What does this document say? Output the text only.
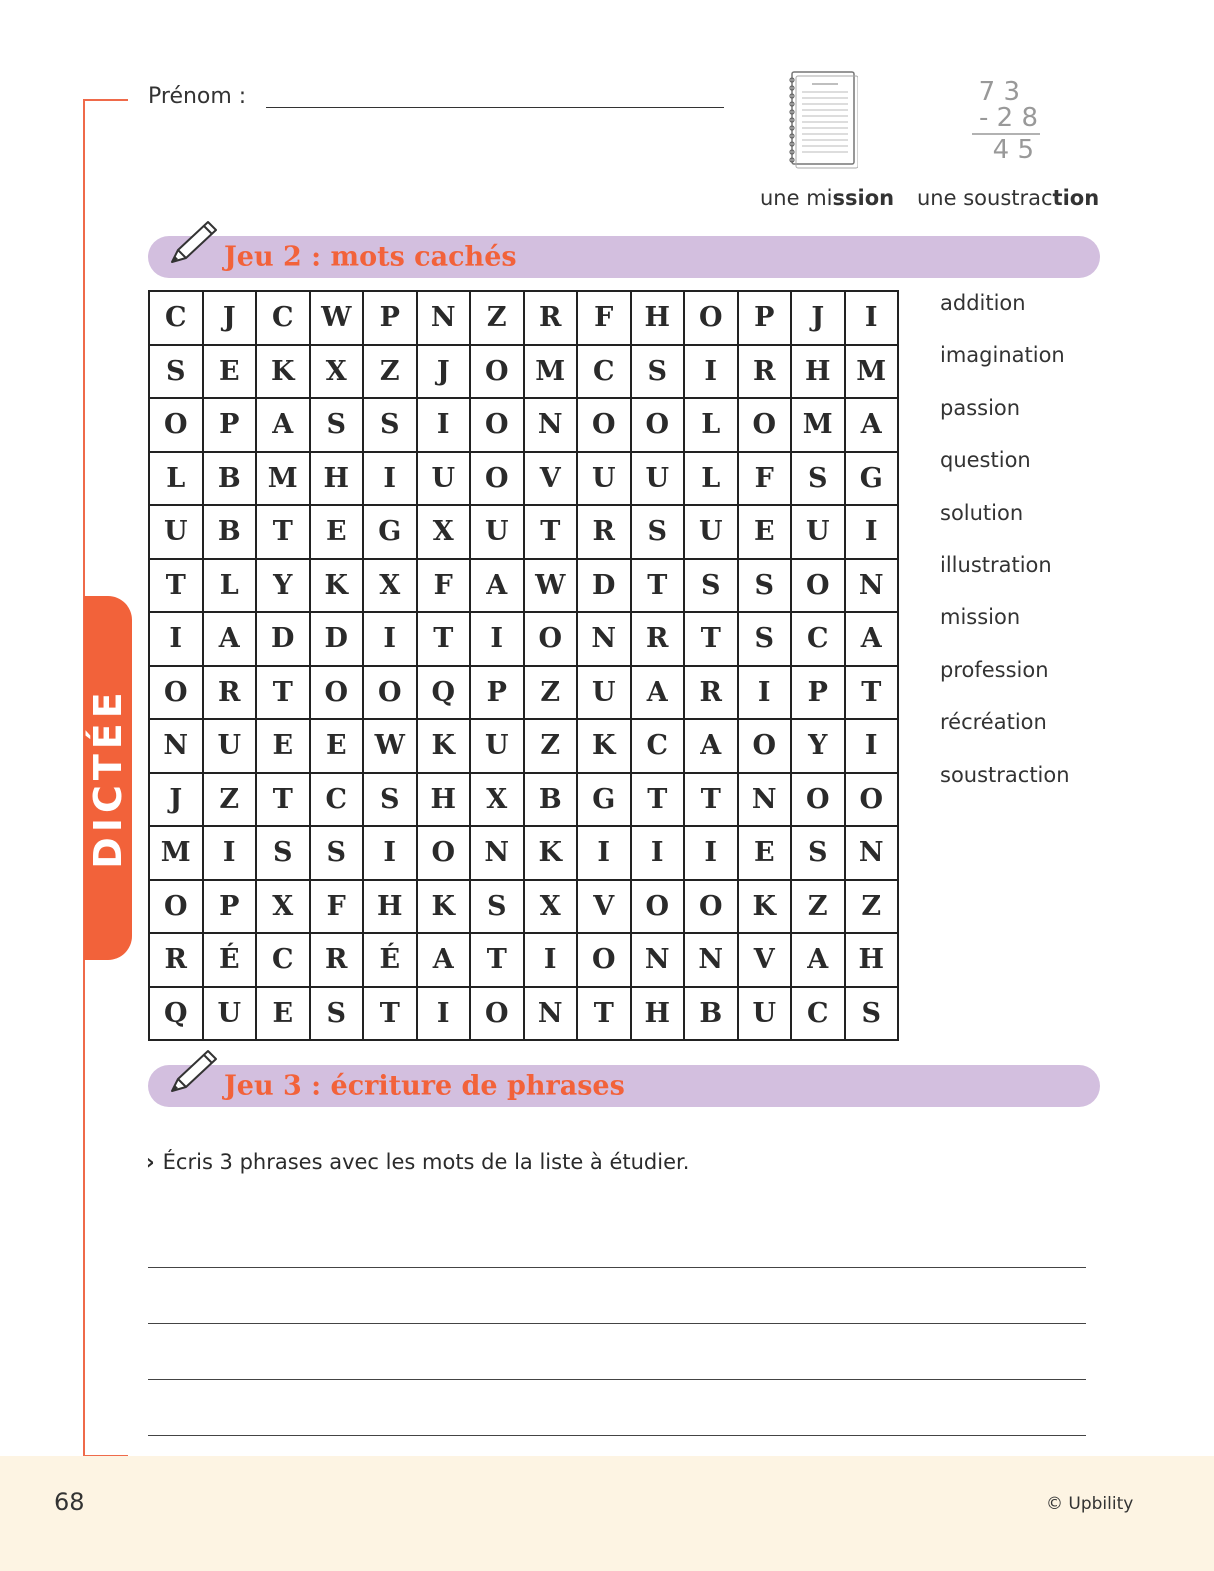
DICTÉE
Prénom :	7 3
- 2 8
4 5
une mission une soustraction
Jeu 2 : mots cachés
C	J	C	W	P	N	Z	R	F	H	O	P	J	I
S	E	K	X	Z	J	O	M	C	S	I	R	H	M
O	P	A	S	S	I	O	N	O	O	L	O	M	A
L	B	M	H	I	U	O	V	U	U	L	F	S	G
U	B	T	E	G	X	U	T	R	S	U	E	U	I
T	L	Y	K	X	F	A	W	D	T	S	S	O	N
I	A	D	D	I	T	I	O	N	R	T	S	C	A
O	R	T	O	O	Q	P	Z	U	A	R	I	P	T
N	U	E	E	W	K	U	Z	K	C	A	O	Y	I
J	Z	T	C	S	H	X	B	G	T	T	N	O	O
M	I	S	S	I	O	N	K	I	I	I	E	S	N
O	P	X	F	H	K	S	X	V	O	O	K	Z	Z
R	É	C	R	É	A	T	I	O	N	N	V	A	H
Q	U	E	S	T	I	O	N	T	H	B	U	C	S
addition
imagination
passion
question
solution
illustration
mission
profession
récréation
soustraction
Jeu 3 : écriture de phrases
› Écris 3 phrases avec les mots de la liste à étudier.
68	© Upbility
